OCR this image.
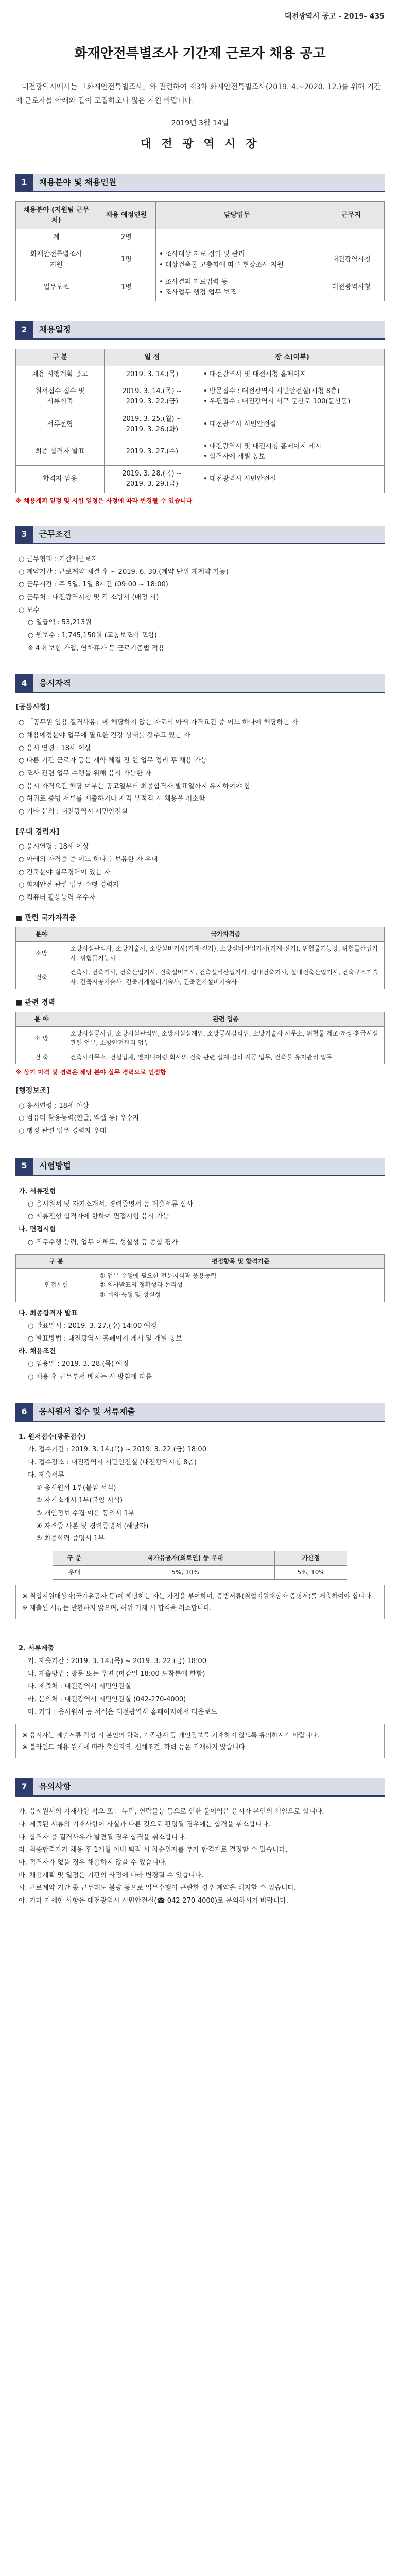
대전광역시 공고 - 2019- 435
화재안전특별조사 기간제 근로자 채용 공고

대전광역시에서는 「화재안전특별조사」와 관련하여 제3차 화재안전특별조사(2019. 4.~2020. 12.)를 위해 기간제 근로자를 아래와 같이 모집하오니 많은 지원 바랍니다.

2019년 3월 14일
대 전 광 역 시 장
1	채용분야 및 채용인원
채용분야 (지원팀 근무처)	채용 예정인원	담당업무	근무지
계	2명		
화재안전특별조사
지원	1명	• 조사대상 자료 정리 및 관리
• 대상건축물 고층화에 따른 현장조사 지원	대전광역시청
업무보조	1명	• 조사결과 자료입력 등
• 조사업무 행정 업무 보조	대전광역시청
2	채용일정
구 분	일 정	장 소(여부)
채용 시행계획 공고	2019. 3. 14.(목)	• 대전광역시 및 대전시청 홈페이지
원서접수 접수 및
서류제출	2019. 3. 14.(목) ~
2019. 3. 22.(금)	• 방문접수 : 대전광역시 시민안전실(시청 8층)
• 우편접수 : 대전광역시 서구 둔산로 100(둔산동)
서류전형	2019. 3. 25.(월) ~
2019. 3. 26.(화)	• 대전광역시 시민안전실
최종 합격자 발표	2019. 3. 27.(수)	• 대전광역시 및 대전시청 홈페이지 게시
• 합격자에 개별 통보
합격자 임용	2019. 3. 28.(목) ~
2019. 3. 29.(금)	• 대전광역시 시민안전실
※ 채용계획 일정 및 시험 일정은 사정에 따라 변경될 수 있습니다
3	근무조건

○ 근무형태 : 기간제근로자

○ 계약기간 : 근로계약 체결 후 ~ 2019. 6. 30.(계약 단위 재계약 가능)

○ 근무시간 : 주 5일, 1일 8시간 (09:00 ~ 18:00)

○ 근무처 : 대전광역시청 및 각 소방서 (배정 시)

○ 보수

○ 일급액 : 53,213원

○ 월보수 : 1,745,150원 (교통보조비 포함)

※ 4대 보험 가입, 연차휴가 등 근로기준법 적용

4	응시자격
[공통사항]

○ 「공무원 임용 결격사유」에 해당하지 않는 자로서 아래 자격요건 중 어느 하나에 해당하는 자

○ 채용예정분야 업무에 필요한 건강 상태를 갖추고 있는 자

○ 응시 연령 : 18세 이상

○ 다른 기관 근로자 등은 계약 체결 전 현 업무 정리 후 채용 가능

○ 조사 관련 업무 수행을 위해 응시 가능한 자

○ 응시 자격요건 해당 여부는 공고일부터 최종합격자 발표일까지 유지하여야 함

○ 허위로 증빙 서류를 제출하거나 자격 부적격 시 채용을 취소함

○ 기타 문의 : 대전광역시 시민안전실

[우대 경력자]

○ 응시연령 : 18세 이상

○ 아래의 자격증 중 어느 하나를 보유한 자 우대

○ 건축분야 실무경력이 있는 자

○ 화재안전 관련 업무 수행 경력자

○ 컴퓨터 활용능력 우수자

■ 관련 국가자격증
분야	국가자격증
소방	소방시설관리사, 소방기술사, 소방설비기사(기계·전기), 소방설비산업기사(기계·전기), 위험물기능장, 위험물산업기사, 위험물기능사
건축	건축사, 건축기사, 건축산업기사, 건축설비기사, 건축설비산업기사, 실내건축기사, 실내건축산업기사, 건축구조기술사, 건축시공기술사, 건축기계설비기술사, 건축전기설비기술사
■ 관련 경력
분 야	관련 업종
소 방	소방시설공사업, 소방시설관리업, 소방시설설계업, 소방공사감리업, 소방기술사 사무소, 위험물 제조·저장·취급시설 관련 업무, 소방안전관리 업무
건 축	건축사사무소, 건설업체, 엔지니어링 회사의 건축 관련 설계·감리·시공 업무, 건축물 유지관리 업무
※ 상기 자격 및 경력은 해당 분야 실무 경력으로 인정함
[행정보조]

○ 응시연령 : 18세 이상

○ 컴퓨터 활용능력(한글, 엑셀 등) 우수자

○ 행정 관련 업무 경력자 우대

5	시험방법

가. 서류전형

○ 응시원서 및 자기소개서, 경력증명서 등 제출서류 심사

○ 서류전형 합격자에 한하여 면접시험 응시 가능

나. 면접시험

○ 직무수행 능력, 업무 이해도, 성실성 등 종합 평가

구 분	평정항목 및 합격기준
면접시험	① 업무 수행에 필요한 전문지식과 응용능력
② 의사발표의 정확성과 논리성
③ 예의·품행 및 성실성

다. 최종합격자 발표

○ 발표일시 : 2019. 3. 27.(수) 14:00 예정

○ 발표방법 : 대전광역시 홈페이지 게시 및 개별 통보

라. 채용조건

○ 임용일 : 2019. 3. 28.(목) 예정

○ 채용 후 근무부서 배치는 시 방침에 따름

6	응시원서 접수 및 서류제출

1. 원서접수(방문접수)

가. 접수기간 : 2019. 3. 14.(목) ~ 2019. 3. 22.(금) 18:00

나. 접수장소 : 대전광역시 시민안전실 (대전광역시청 8층)

다. 제출서류

① 응시원서 1부(붙임 서식)

② 자기소개서 1부(붙임 서식)

③ 개인정보 수집·이용 동의서 1부

④ 자격증 사본 및 경력증명서 (해당자)

⑤ 최종학력 증명서 1부

구 분	국가유공자(의료인) 등 우대	가산점
우대	5%, 10%	5%, 10%
※ 취업지원대상자(국가유공자 등)에 해당하는 자는 가점을 부여하며, 증빙서류(취업지원대상자 증명서)를 제출하여야 합니다.
※ 제출된 서류는 반환하지 않으며, 허위 기재 시 합격을 취소합니다.

2. 서류제출

가. 제출기간 : 2019. 3. 14.(목) ~ 2019. 3. 22.(금) 18:00

나. 제출방법 : 방문 또는 우편 (마감일 18:00 도착분에 한함)

다. 제출처 : 대전광역시 시민안전실

라. 문의처 : 대전광역시 시민안전실 (042-270-4000)

마. 기타 : 응시원서 등 서식은 대전광역시 홈페이지에서 다운로드

※ 응시자는 제출서류 작성 시 본인의 학력, 가족관계 등 개인정보를 기재하지 않도록 유의하시기 바랍니다.
※ 블라인드 채용 원칙에 따라 출신지역, 신체조건, 학력 등은 기재하지 않습니다.
7	유의사항

가. 응시원서의 기재사항 착오 또는 누락, 연락불능 등으로 인한 불이익은 응시자 본인의 책임으로 합니다.

나. 제출된 서류의 기재사항이 사실과 다른 것으로 판명될 경우에는 합격을 취소합니다.

다. 합격자 중 결격사유가 발견될 경우 합격을 취소합니다.

라. 최종합격자가 채용 후 1개월 이내 퇴직 시 차순위자를 추가 합격자로 결정할 수 있습니다.

마. 적격자가 없을 경우 채용하지 않을 수 있습니다.

바. 채용계획 및 일정은 기관의 사정에 따라 변경될 수 있습니다.

사. 근로계약 기간 중 근무태도 불량 등으로 업무수행이 곤란한 경우 계약을 해지할 수 있습니다.

아. 기타 자세한 사항은 대전광역시 시민안전실(☎ 042-270-4000)로 문의하시기 바랍니다.
